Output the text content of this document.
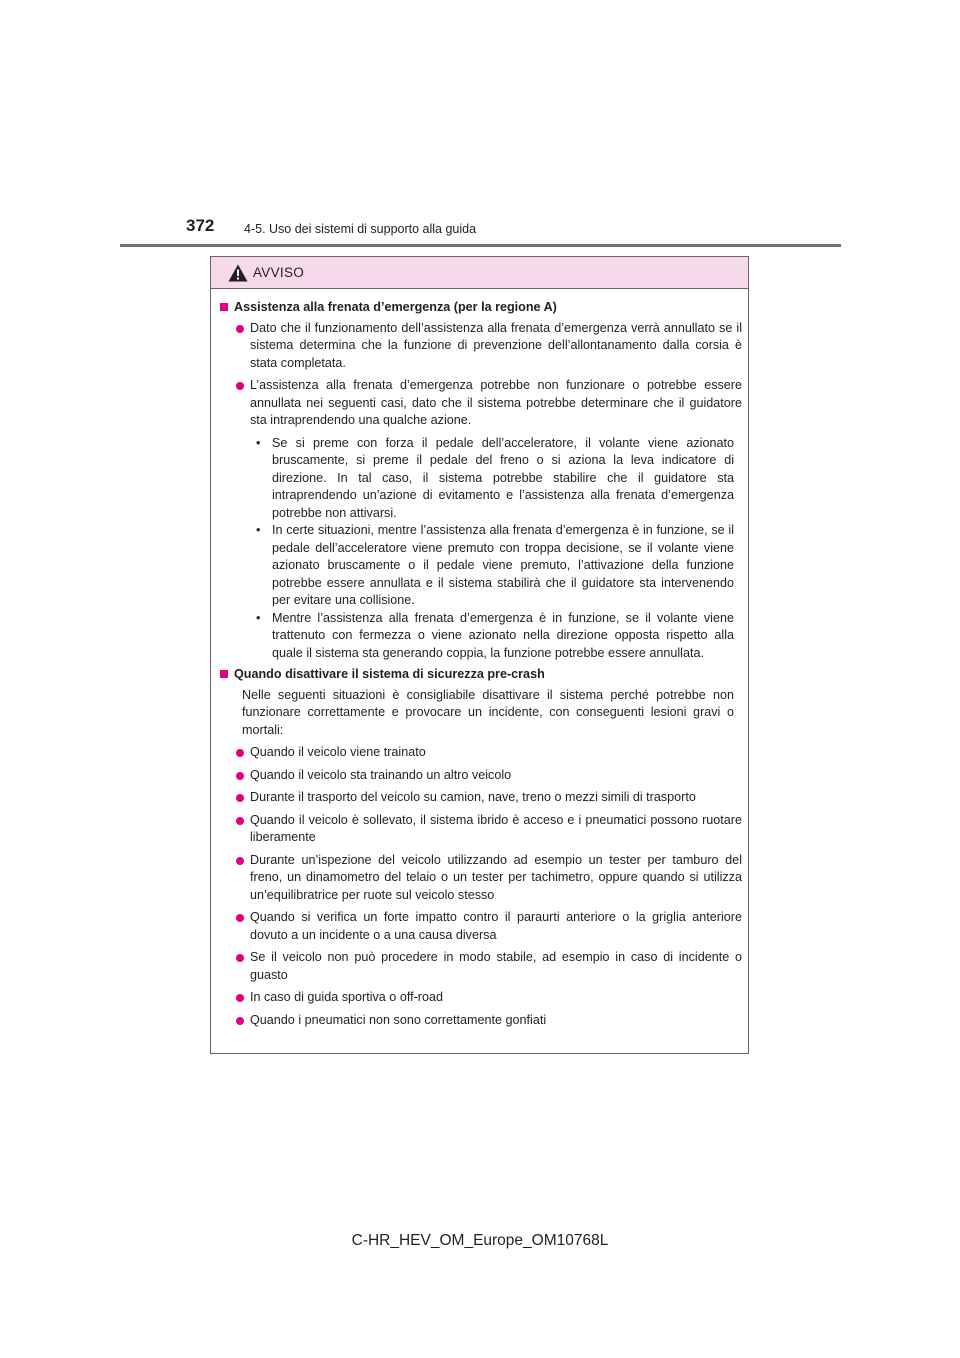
372 4-5. Uso dei sistemi di supporto alla guida
AVVISO
Assistenza alla frenata d’emergenza (per la regione A)
Dato che il funzionamento dell’assistenza alla frenata d’emergenza verrà annullato se il sistema determina che la funzione di prevenzione dell’allontanamento dalla corsia è stata completata.
L’assistenza alla frenata d’emergenza potrebbe non funzionare o potrebbe essere annullata nei seguenti casi, dato che il sistema potrebbe determinare che il guidatore sta intraprendendo una qualche azione.
• Se si preme con forza il pedale dell’acceleratore, il volante viene azionato bruscamente, si preme il pedale del freno o si aziona la leva indicatore di direzione. In tal caso, il sistema potrebbe stabilire che il guidatore sta intraprendendo un’azione di evitamento e l’assistenza alla frenata d’emergenza potrebbe non attivarsi.
• In certe situazioni, mentre l’assistenza alla frenata d’emergenza è in funzione, se il pedale dell’acceleratore viene premuto con troppa decisione, se il volante viene azionato bruscamente o il pedale viene premuto, l’attivazione della funzione potrebbe essere annullata e il sistema stabilirà che il guidatore sta intervenendo per evitare una collisione.
• Mentre l’assistenza alla frenata d’emergenza è in funzione, se il volante viene trattenuto con fermezza o viene azionato nella direzione opposta rispetto alla quale il sistema sta generando coppia, la funzione potrebbe essere annullata.
Quando disattivare il sistema di sicurezza pre-crash
Nelle seguenti situazioni è consigliabile disattivare il sistema perché potrebbe non funzionare correttamente e provocare un incidente, con conseguenti lesioni gravi o mortali:
Quando il veicolo viene trainato
Quando il veicolo sta trainando un altro veicolo
Durante il trasporto del veicolo su camion, nave, treno o mezzi simili di trasporto
Quando il veicolo è sollevato, il sistema ibrido è acceso e i pneumatici possono ruotare liberamente
Durante un’ispezione del veicolo utilizzando ad esempio un tester per tamburo del freno, un dinamometro del telaio o un tester per tachimetro, oppure quando si utilizza un’equilibratrice per ruote sul veicolo stesso
Quando si verifica un forte impatto contro il paraurti anteriore o la griglia anteriore dovuto a un incidente o a una causa diversa
Se il veicolo non può procedere in modo stabile, ad esempio in caso di incidente o guasto
In caso di guida sportiva o off-road
Quando i pneumatici non sono correttamente gonfiati
C-HR_HEV_OM_Europe_OM10768L
